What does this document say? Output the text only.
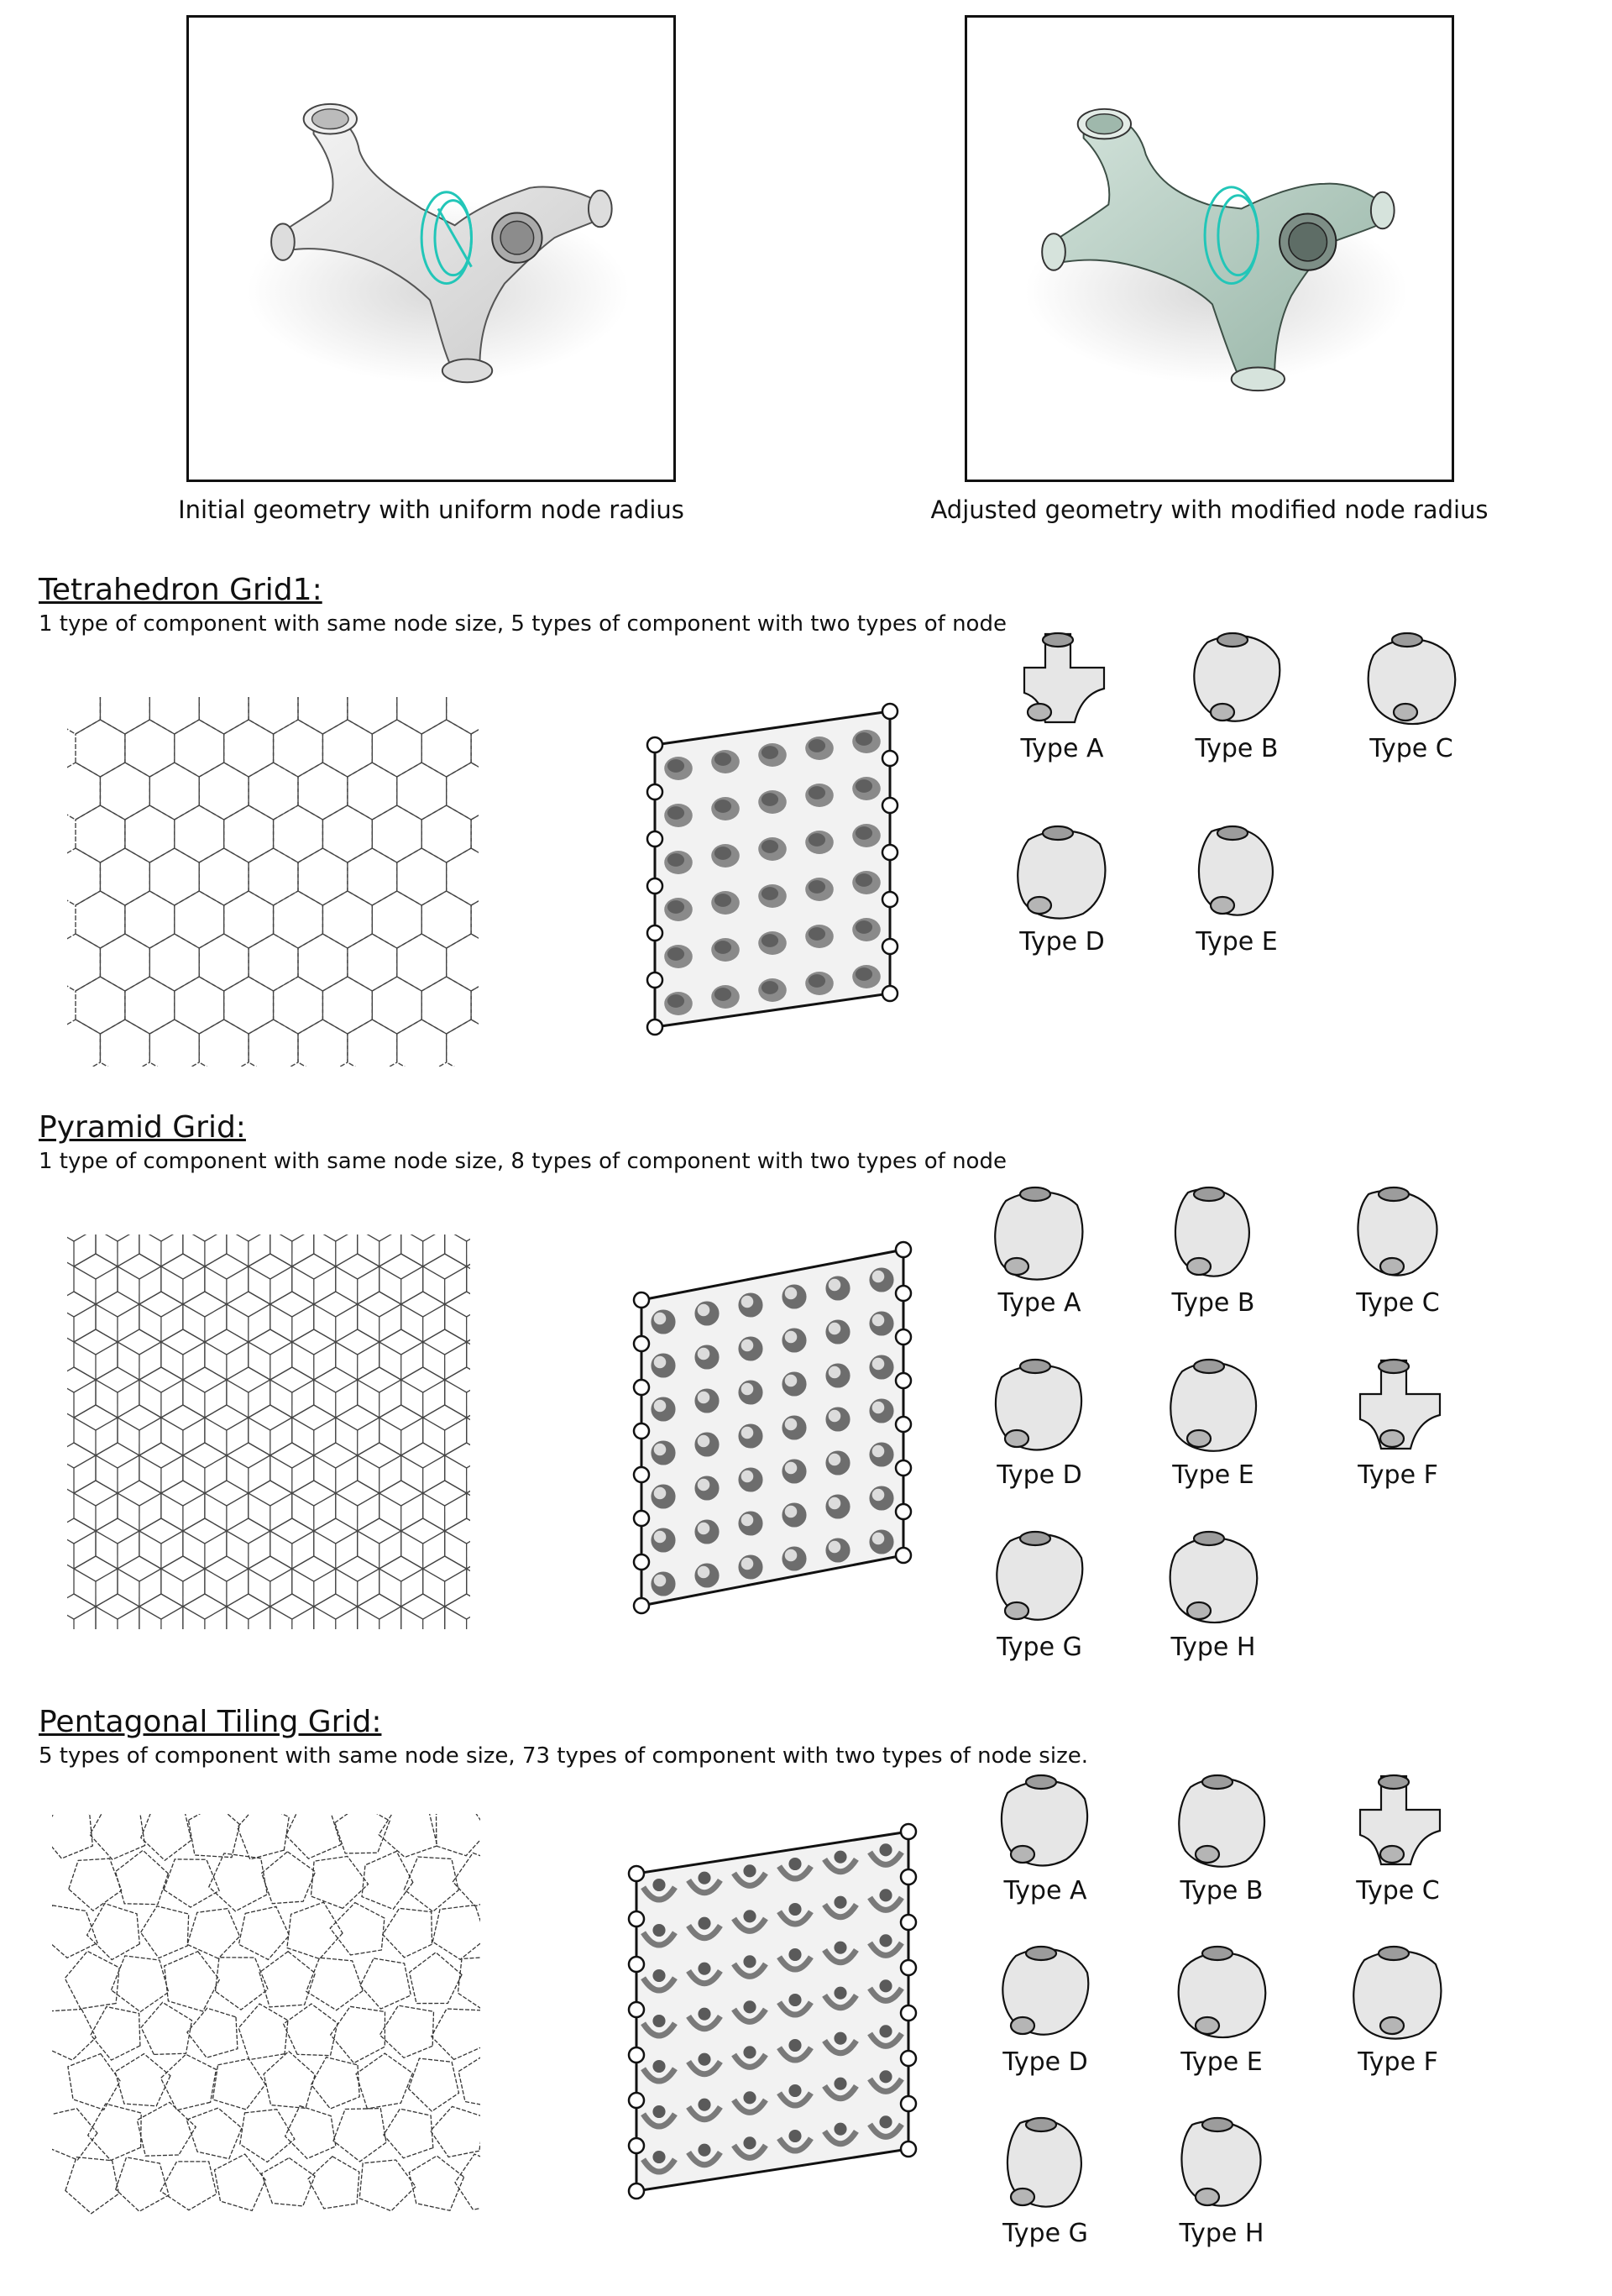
Initial geometry with uniform node radius	Adjusted geometry with modified node radius
Tetrahedron Grid1:
1 type of component with same node size, 5 types of component with two types of node
Pyramid Grid:
1 type of component with same node size, 8 types of component with two types of node
Pentagonal Tiling Grid:
5 types of component with same node size, 73 types of component with two types of node size.
Type A	Type B	Type C
Type D	Type E
Type A	Type B	Type C
Type D	Type E	Type F
Type G	Type H
Type A	Type B	Type C
Type D	Type E	Type F
Type G	Type H
